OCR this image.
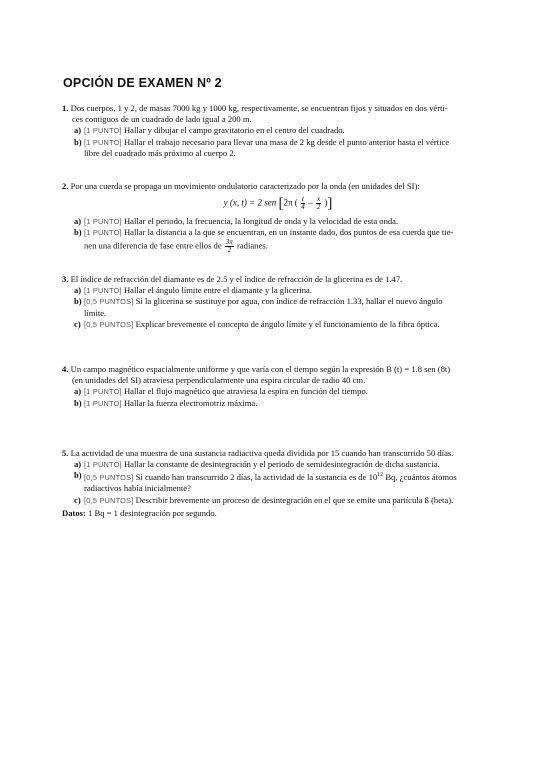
OPCIÓN DE EXAMEN Nº 2
1. Dos cuerpos, 1 y 2, de masas 7000 kg y 1000 kg, respectivamente, se encuentran fijos y situados en dos vérti-
ces contiguos de un cuadrado de lado igual a 200 m.
a) [1 PUNTO] Hallar y dibujar el campo gravitatorio en el centro del cuadrado.
b) [1 PUNTO] Hallar el trabajo necesario para llevar una masa de 2 kg desde el punto anterior hasta el vértice
libre del cuadrado más próximo al cuerpo 2.
2. Por una cuerda se propaga un movimiento ondulatorio caracterizado por la onda (en unidades del SI):
y (x, t) = 2 sen [2π ( $\frac{t}{4} - \frac{x}{2}$ )]
a) [1 PUNTO] Hallar el periodo, la frecuencia, la longitud de onda y la velocidad de esta onda.
b) [1 PUNTO] Hallar la distancia a la que se encuentran, en un instante dado, dos puntos de esa cuerda que tie-
nen una diferencia de fase entre ellos de $\frac{3\pi}{2}$ radianes.
3. El índice de refracción del diamante es de 2.5 y el índice de refracción de la glicerina es de 1.47.
a) [1 PUNTO] Hallar el ángulo límite entre el diamante y la glicerina.
b) [0,5 PUNTOS] Si la glicerina se sustituye por agua, con índice de refracción 1.33, hallar el nuevo ángulo
límite.
c) [0,5 PUNTOS] Explicar brevemente el concepto de ángulo límite y el funcionamiento de la fibra óptica.
4. Un campo magnético espacialmente uniforme y que varía con el tiempo según la expresión B (t) = 1.8 sen (8t)
(en unidades del SI) atraviesa perpendicularmente una espira circular de radio 40 cm.
a) [1 PUNTO] Hallar el flujo magnético que atraviesa la espira en función del tiempo.
b) [1 PUNTO] Hallar la fuerza electromotriz máxima.
5. La actividad de una muestra de una sustancia radiactiva queda dividida por 15 cuando han transcurrido 50 días.
a) [1 PUNTO] Hallar la constante de desintegración y el periodo de semidesintegración de dicha sustancia.
b) [0,5 PUNTOS] Si cuando han transcurrido 2 días, la actividad de la sustancia es de $10^{12}$ Bq, ¿cuántos átomos
radiactivos había inicialmente?
c) [0,5 PUNTOS] Describir brevemente un proceso de desintegración en el que se emite una partícula ß (beta).
Datos: 1 Bq = 1 desintegración por segundo.
